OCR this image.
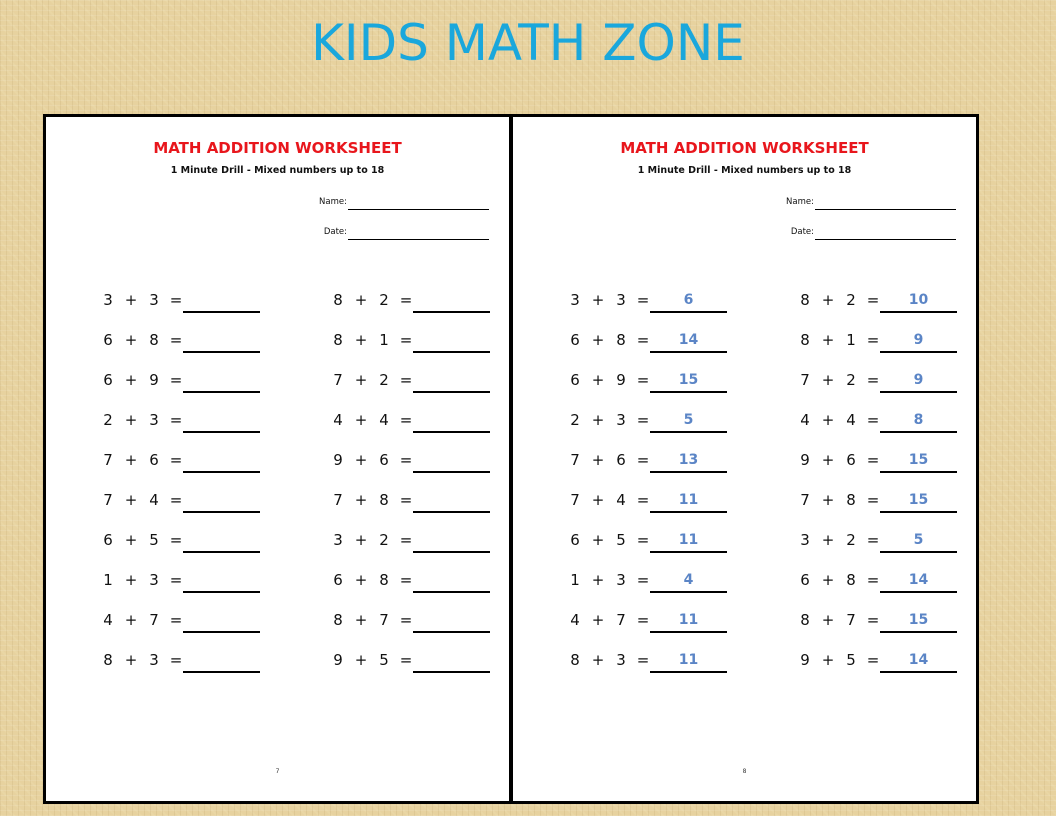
KIDS MATH ZONE
MATH ADDITION WORKSHEET
1 Minute Drill - Mixed numbers up to 18
Name:
Date:
3 + 3 =
6 + 8 =
6 + 9 =
2 + 3 =
7 + 6 =
7 + 4 =
6 + 5 =
1 + 3 =
4 + 7 =
8 + 3 =
8 + 2 =
8 + 1 =
7 + 2 =
4 + 4 =
9 + 6 =
7 + 8 =
3 + 2 =
6 + 8 =
8 + 7 =
9 + 5 =
7
MATH ADDITION WORKSHEET
1 Minute Drill - Mixed numbers up to 18
Name:
Date:
3 + 3 =	6
6 + 8 =	14
6 + 9 =	15
2 + 3 =	5
7 + 6 =	13
7 + 4 =	11
6 + 5 =	11
1 + 3 =	4
4 + 7 =	11
8 + 3 =	11
8 + 2 =	10
8 + 1 =	9
7 + 2 =	9
4 + 4 =	8
9 + 6 =	15
7 + 8 =	15
3 + 2 =	5
6 + 8 =	14
8 + 7 =	15
9 + 5 =	14
8
